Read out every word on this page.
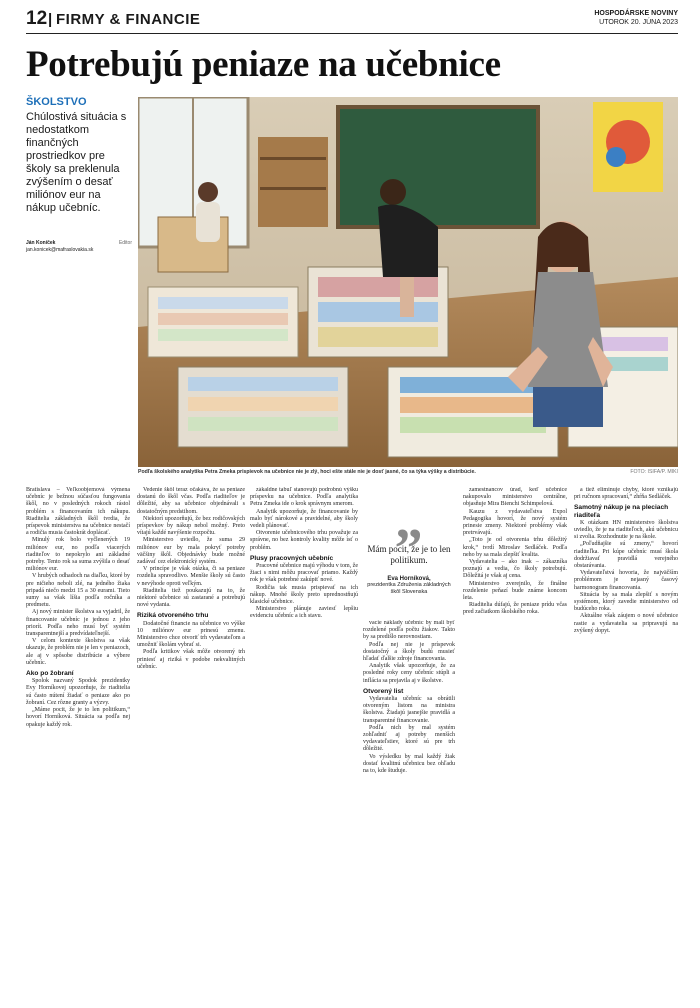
12 | FIRMY & FINANCIE	HOSPODÁRSKE NOVINY
UTOROK 20. JÚNA 2023
Potrebujú peniaze na učebnice
ŠKOLSTVO
Chúlostivá situácia s nedostatkom finančných prostriedkov pre školy sa preklenula zvýšením o desať miliónov eur na nákup učebníc.
Ján Koníček	Editor
jan.konicek@mafraslovakia.sk
Podľa školského analytika Petra Zmeka prispievok na učebnice nie je zlý, hoci ešte stále nie je dosť jasné, čo sa týka výšky a distribúcie.	FOTO: ISIFA/P. MIKI

Bratislava – Veľkoobjemová výmena učebníc je bežnou súčasťou fungovania škôl, no v posledných rokoch rástol problém s financovaním ich nákupu. Riaditelia základných škôl tvrdia, že príspevok ministerstva na učebnice nestačí a rodičia musia častokrát doplácať.

Minulý rok bolo vyčlenených 19 miliónov eur, no podľa viacerých riaditeľov to nepokrylo ani základné potreby. Tento rok sa suma zvýšila o desať miliónov eur.

V hrubých odhadoch na diaľku, ktoré by pre ničieho neboli zlé, na jedného žiaka pripadá niečo medzi 15 a 30 eurami. Tieto sumy sa však líšia podľa ročníka a predmetu.

Aj nový minister školstva sa vyjadril, že financovanie učebníc je jednou z jeho priorít. Podľa neho musí byť systém transparentnejší a predvídateľnejší.

V celom kontexte školstva sa však ukazuje, že problém nie je len v peniazoch, ale aj v spôsobe distribúcie a výbere učebníc.

Ako po žobraní

Spolok nazvaný Spodok prezidentky Evy Horníkovej upozorňuje, že riaditelia sú často nútení žiadať o peniaze ako po žobraní. Cez rôzne granty a výzvy.

„Máme pocit, že je to len politikum,“ hovorí Horníková. Situácia sa podľa nej opakuje každý rok.

Vedenie škôl teraz očakáva, že sa peniaze dostanú do škôl včas. Podľa riaditeľov je dôležité, aby sa učebnice objednávali s dostatočným predstihom.

Niektorí upozorňujú, že bez rodičovských príspevkov by nákup nebol možný. Preto vítajú každé navýšenie rozpočtu.

Ministerstvo uviedlo, že suma 29 miliónov eur by mala pokryť potreby väčšiny škôl. Objednávky bude možné zadávať cez elektronický systém.

V princípe je však otázka, či sa peniaze rozdelia spravodlivo. Menšie školy sú často v nevýhode oproti veľkým.

Riaditelia tiež poukazujú na to, že niektoré učebnice sú zastarané a potrebujú nové vydania.

Riziká otvoreného trhu

Dodatočné financie na učebnice vo výške 10 miliónov eur prinesú zmenu. Ministerstvo chce otvoriť trh vydavateľom a umožniť školám vybrať si.

Podľa kritikov však môže otvorený trh priniesť aj riziká v podobe nekvalitných učebníc.

zákaldne tabuľ stanovujú podrobnú výšku príspevku na učebnice. Podľa analytika Petra Zmeka ide o krok správnym smerom.

Analytik upozorňuje, že financovanie by malo byť nárokové a pravidelné, aby školy vedeli plánovať.

Otvorenie učebnicového trhu považuje za správne, no bez kontroly kvality môže ísť o problém.

Plusy pracovných učebníc

Pracovné učebnice majú výhodu v tom, že žiaci s nimi môžu pracovať priamo. Každý rok je však potrebné zakúpiť nové.

Rodičia tak musia prispievať na ich nákup. Mnohé školy preto uprednostňujú klasické učebnice.

Ministerstvo plánuje zaviesť lepšiu evidenciu učebníc a ich stavu.

vacie náklady učebníc by mali byť rozdelené podľa počtu žiakov. Takto by sa predišlo nerovnostiam.

Podľa nej nie je príspevok dostatočný a školy budú musieť hľadať ďalšie zdroje financovania.

Analytik však upozorňuje, že za posledné roky ceny učebníc stúpli a inflácia sa prejavila aj v školstve.

Otvorený list

Vydavatelia učebníc sa obrátili otvoreným listom na ministra školstva. Žiadajú jasnejšie pravidlá a transparentné financovanie.

Podľa nich by mal systém zohľadniť aj potreby menších vydavateľstiev, ktoré sú pre trh dôležité.

Vo výsledku by mal každý žiak dostať kvalitnú učebnicu bez ohľadu na to, kde študuje.

zamestnancov úrad, keď učebnice nakupovalo ministerstvo centrálne, objasňuje Mira Bienchi Schimpelová.

Kauzu z vydavateľstva Expol Pedagogika hovorí, že nový systém prinesie zmeny. Niektoré problémy však pretrvávajú.

„Toto je od otvorenia trhu dôležitý krok,“ tvrdí Miroslav Sedláček. Podľa neho by sa mala zlepšiť kvalita.

Vydavatelia – ako inak – zákazníka poznajú a vedia, čo školy potrebujú. Dôležitá je však aj cena.

Ministerstvo zverejnilo, že finálne rozdelenie peňazí bude známe koncom leta.

Riaditelia dúfajú, že peniaze prídu včas pred začiatkom školského roka.

a tiež eliminuje chyby, ktoré vznikajú pri ručnom spracovaní,“ zhŕňa Sedláček.

Samotný nákup je na pleciach riaditeľa

K otázkam HN ministerstvo školstva uviedlo, že je na riaditeľoch, akú učebnicu si zvolia. Rozhodnutie je na škole.

„Poľudňajšie sú zmeny,“ hovorí riaditeľka. Pri kúpe učebníc musí škola dodržiavať pravidlá verejného obstarávania.

Vydavateľstvá hovoria, že najväčším problémom je nejasný časový harmonogram financovania.

Situácia by sa mala zlepšiť s novým systémom, ktorý zavedie ministerstvo od budúceho roka.

Aktuálne však záujem o nové učebnice rastie a vydavatelia sa pripravujú na zvýšený dopyt.

„
Mám pocit, že je to len politikum.
Eva Horníková,
prezidentka Združenia základných škôl Slovenska
